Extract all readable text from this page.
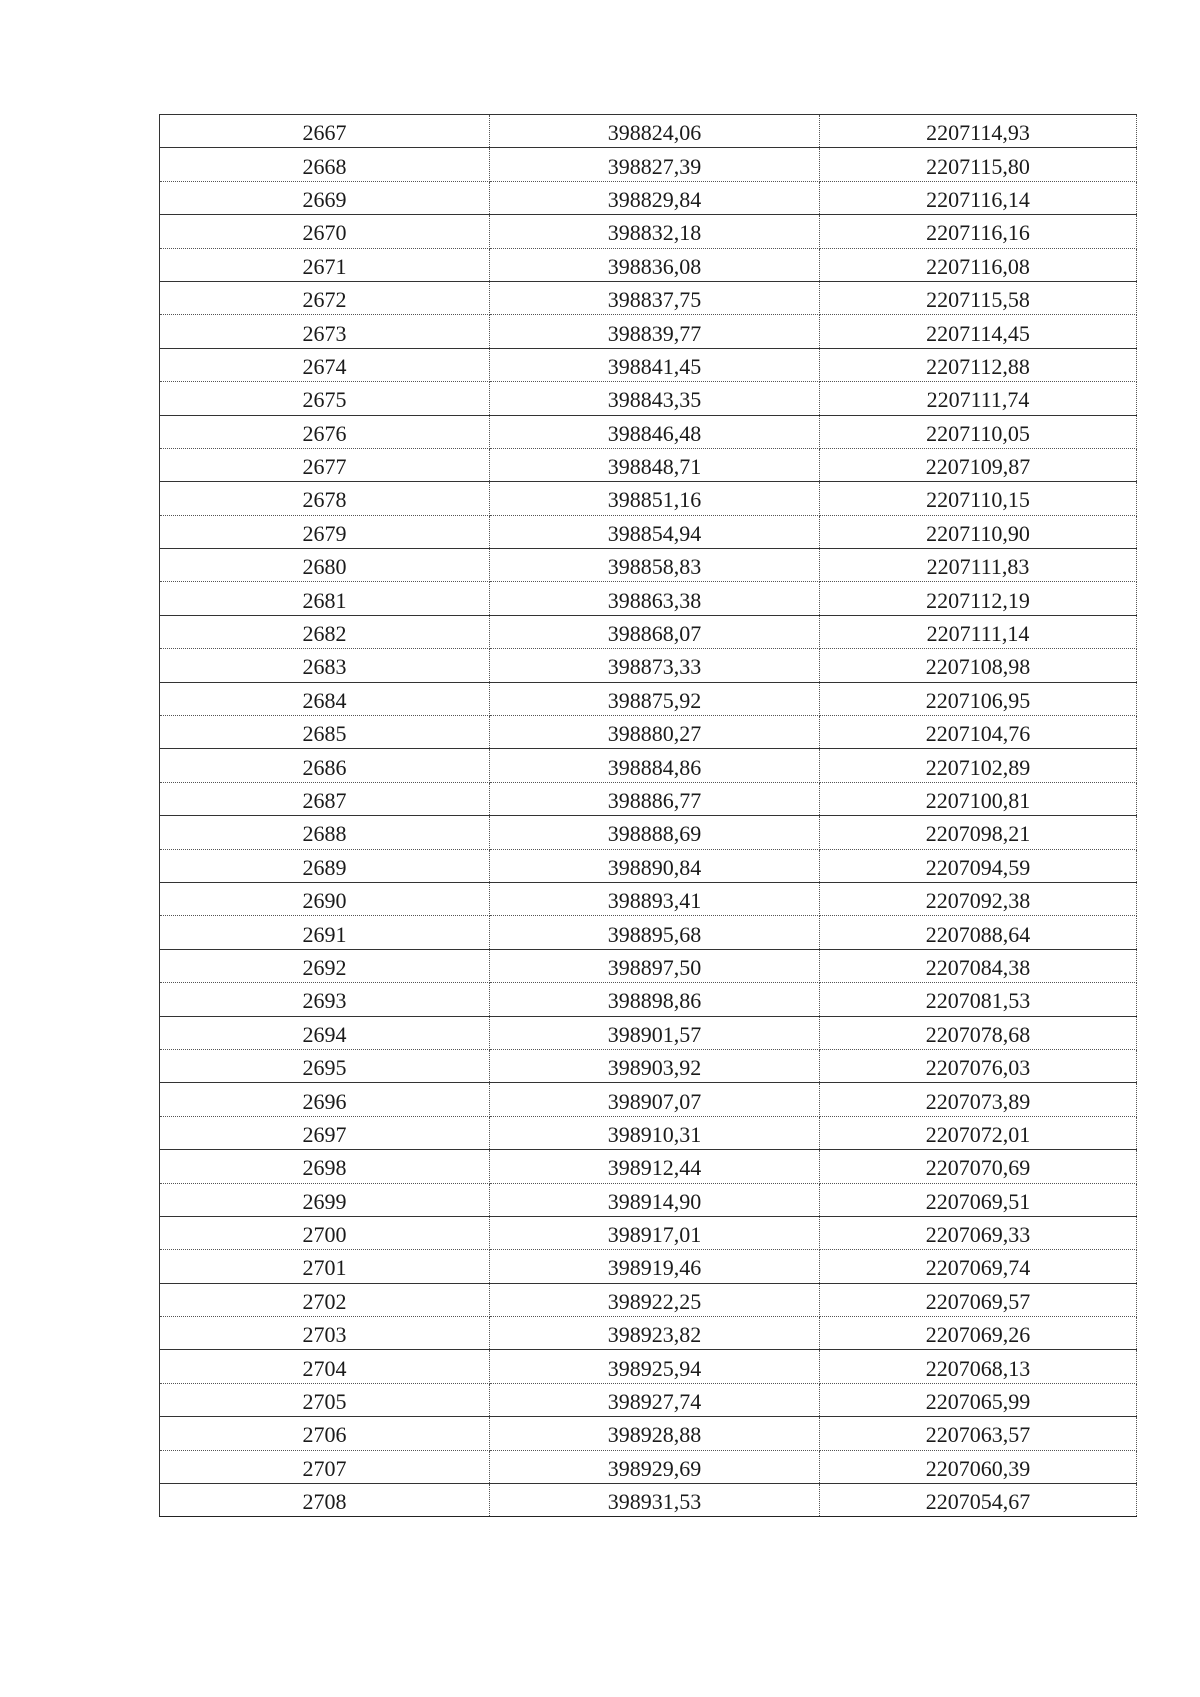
2667	398824,06	2207114,93
2668	398827,39	2207115,80
2669	398829,84	2207116,14
2670	398832,18	2207116,16
2671	398836,08	2207116,08
2672	398837,75	2207115,58
2673	398839,77	2207114,45
2674	398841,45	2207112,88
2675	398843,35	2207111,74
2676	398846,48	2207110,05
2677	398848,71	2207109,87
2678	398851,16	2207110,15
2679	398854,94	2207110,90
2680	398858,83	2207111,83
2681	398863,38	2207112,19
2682	398868,07	2207111,14
2683	398873,33	2207108,98
2684	398875,92	2207106,95
2685	398880,27	2207104,76
2686	398884,86	2207102,89
2687	398886,77	2207100,81
2688	398888,69	2207098,21
2689	398890,84	2207094,59
2690	398893,41	2207092,38
2691	398895,68	2207088,64
2692	398897,50	2207084,38
2693	398898,86	2207081,53
2694	398901,57	2207078,68
2695	398903,92	2207076,03
2696	398907,07	2207073,89
2697	398910,31	2207072,01
2698	398912,44	2207070,69
2699	398914,90	2207069,51
2700	398917,01	2207069,33
2701	398919,46	2207069,74
2702	398922,25	2207069,57
2703	398923,82	2207069,26
2704	398925,94	2207068,13
2705	398927,74	2207065,99
2706	398928,88	2207063,57
2707	398929,69	2207060,39
2708	398931,53	2207054,67
